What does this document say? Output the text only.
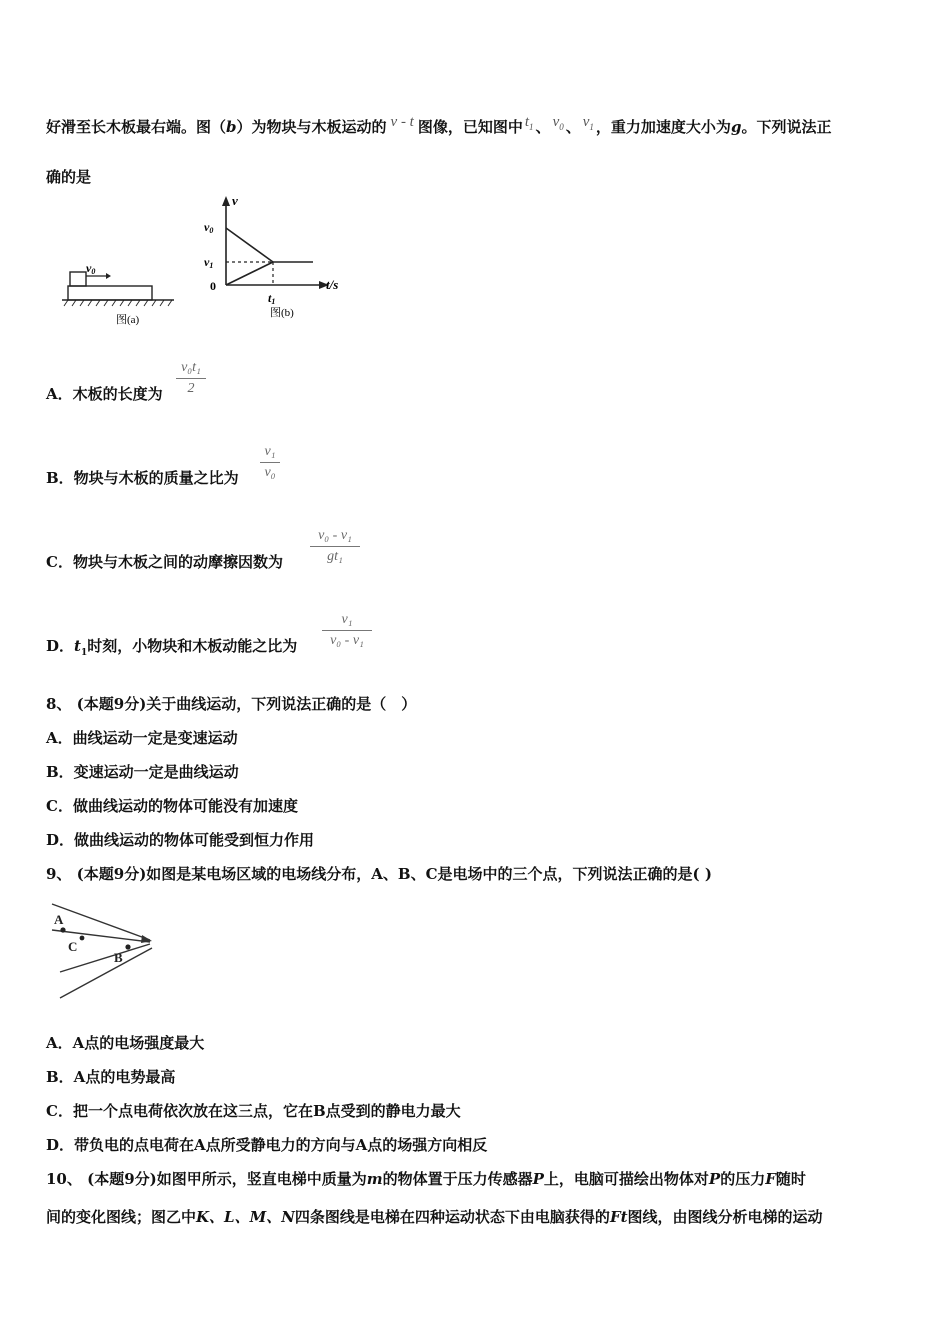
好滑至长木板最右端。图（b）为物块与木板运动的 v - t 图像，已知图中 $t_1$ 、 $v_0$ 、 $v_1$ ，重力加速度大小为g。下列说法正
确的是
v0
图(a)
v
t/s
v0
v1
0
t1
图(b)
A．木板的长度为
v₀t₁
2
B．物块与木板的质量之比为
v₁
v₀
C．物块与木板之间的动摩擦因数为
v₀ - v₁
gt₁
D．$t_1$时刻，小物块和木板动能之比为
v₁
v₀ - v₁
8、 (本题9分)关于曲线运动，下列说法正确的是（　）
A．曲线运动一定是变速运动
B．变速运动一定是曲线运动
C．做曲线运动的物体可能没有加速度
D．做曲线运动的物体可能受到恒力作用
9、 (本题9分)如图是某电场区域的电场线分布，A、B、C是电场中的三个点，下列说法正确的是( )
A
C
B
A．A点的电场强度最大
B．A点的电势最高
C．把一个点电荷依次放在这三点，它在B点受到的静电力最大
D．带负电的点电荷在A点所受静电力的方向与A点的场强方向相反
10、 (本题9分)如图甲所示，竖直电梯中质量为m的物体置于压力传感器P上，电脑可描绘出物体对P的压力F随时
间的变化图线；图乙中K、L、M、N四条图线是电梯在四种运动状态下由电脑获得的Ft图线，由图线分析电梯的运动
